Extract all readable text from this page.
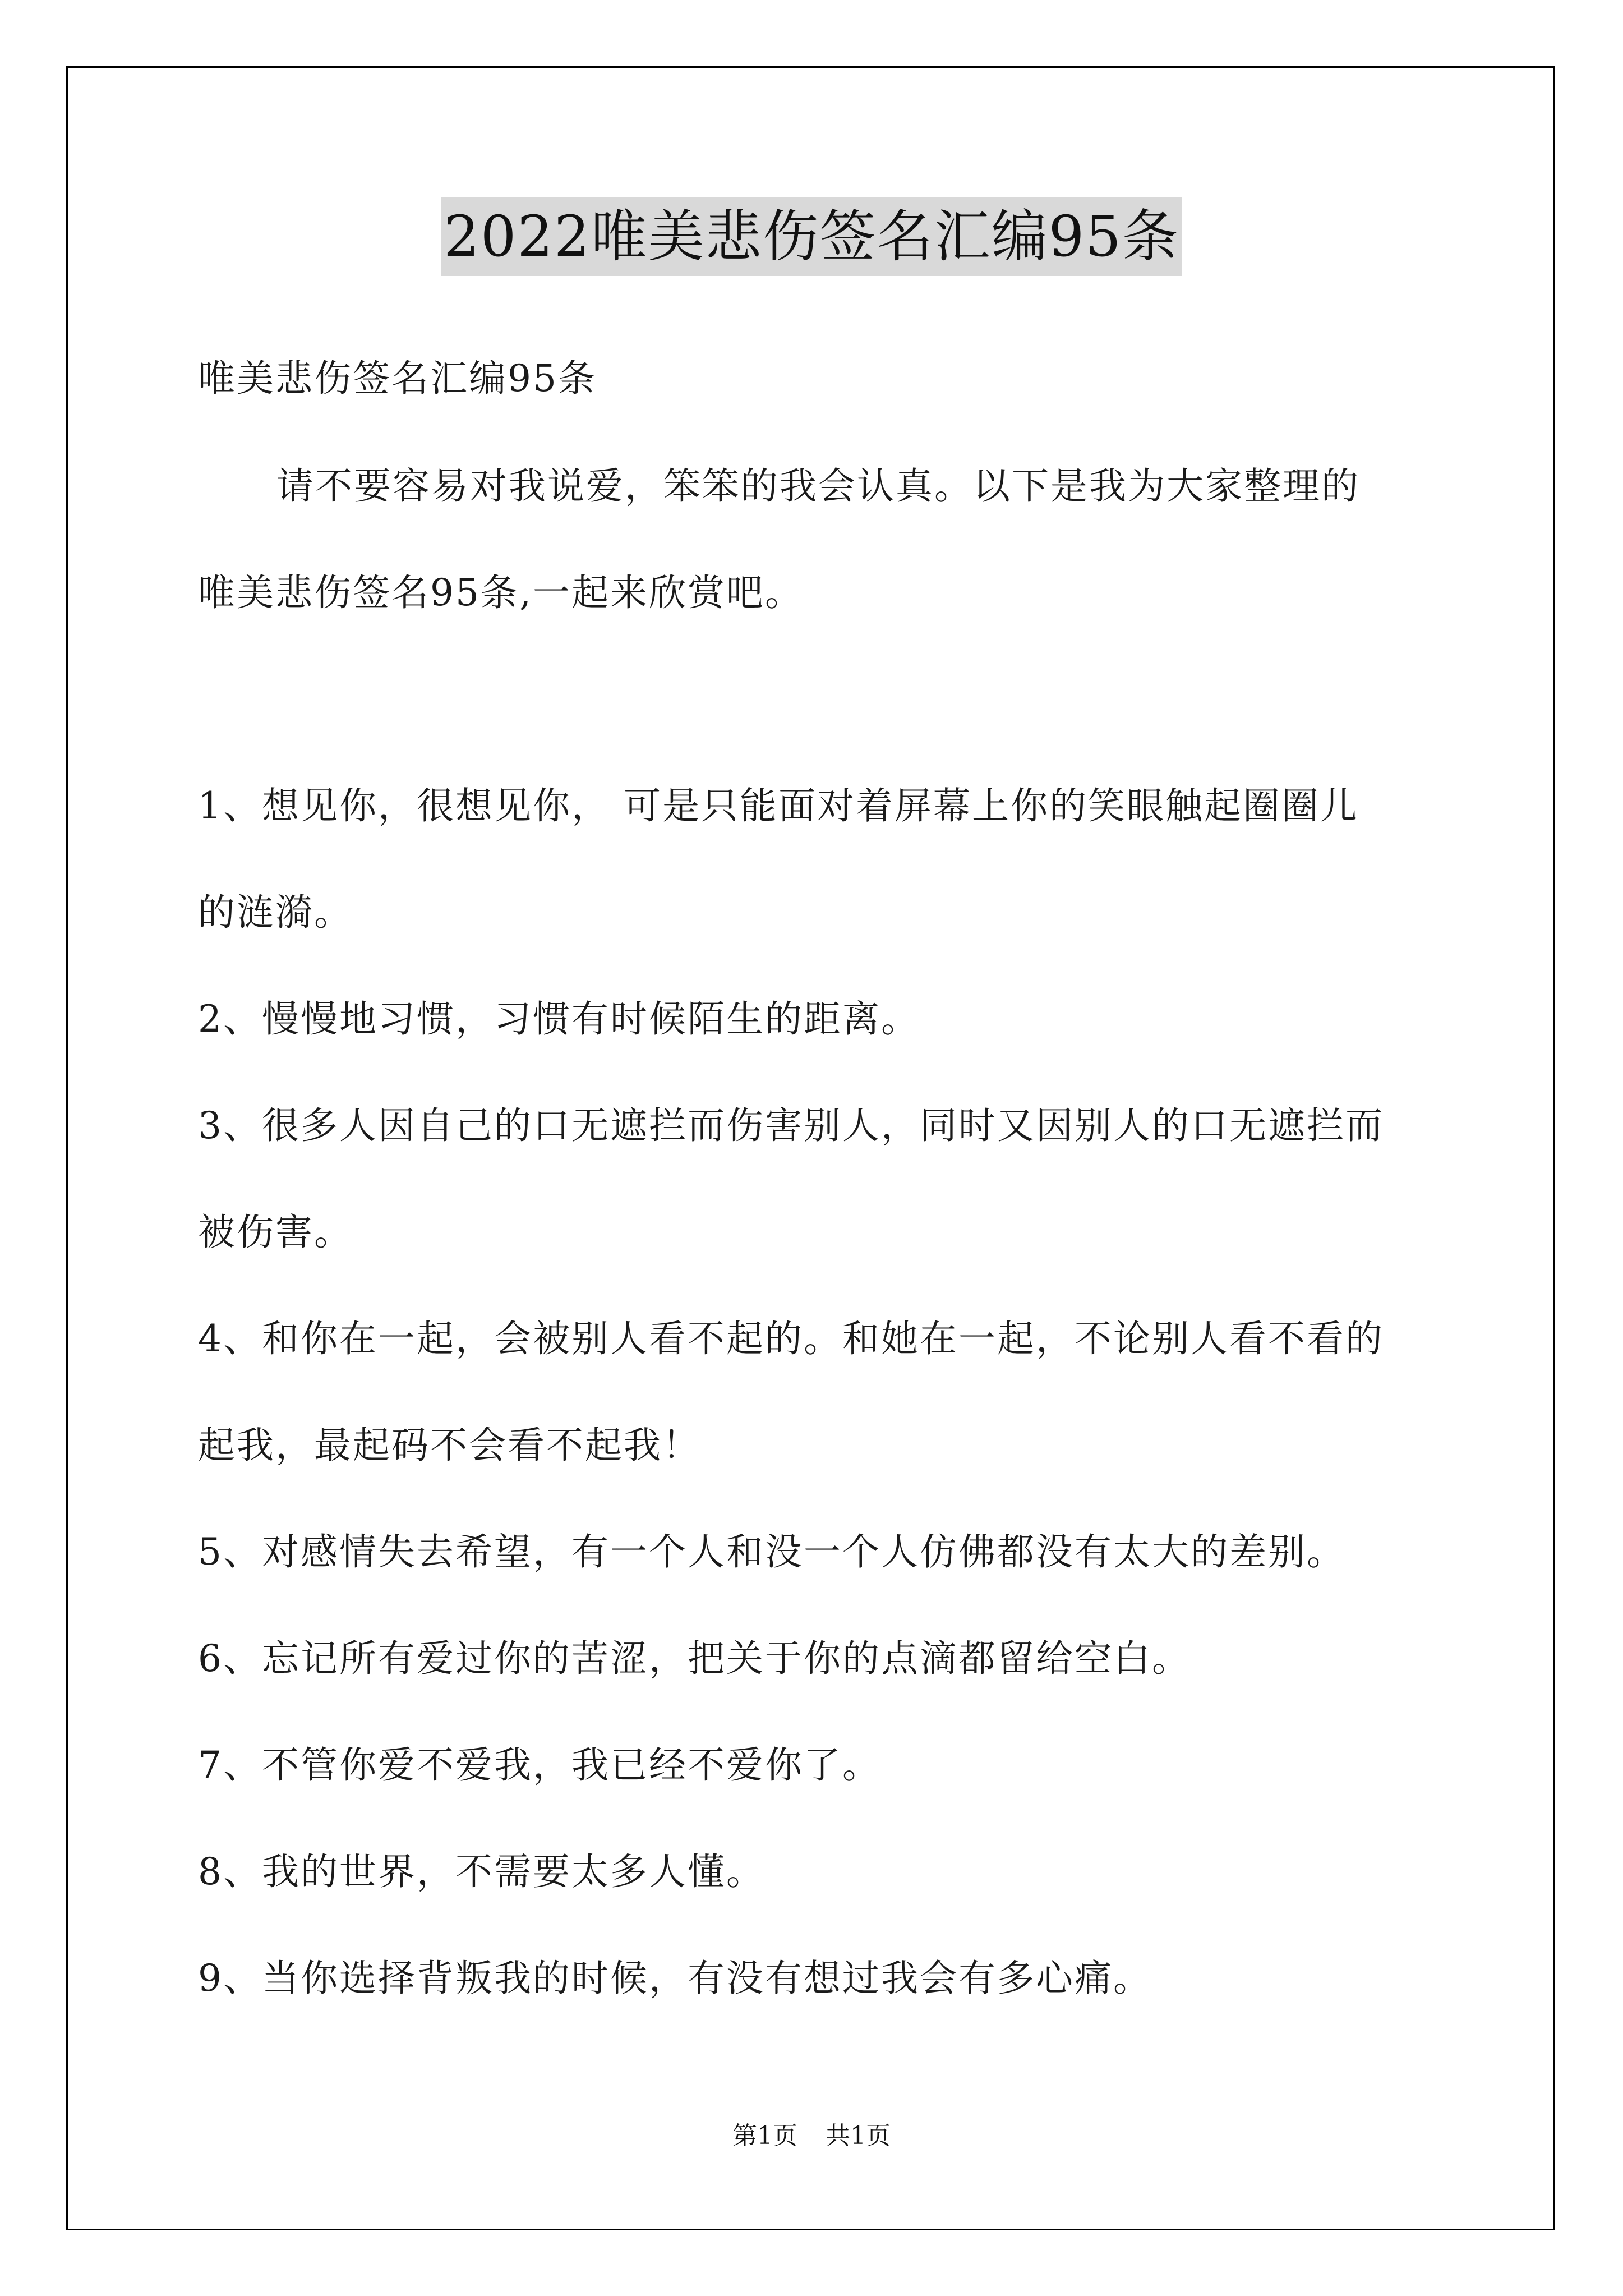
2022唯美悲伤签名汇编95条
唯美悲伤签名汇编95条
请不要容易对我说爱，笨笨的我会认真。以下是我为大家整理的
唯美悲伤签名95条,一起来欣赏吧。
1、想见你，很想见你， 可是只能面对着屏幕上你的笑眼触起圈圈儿
的涟漪。
2、慢慢地习惯，习惯有时候陌生的距离。
3、很多人因自己的口无遮拦而伤害别人，同时又因别人的口无遮拦而
被伤害。
4、和你在一起，会被别人看不起的。和她在一起，不论别人看不看的
起我，最起码不会看不起我！
5、对感情失去希望，有一个人和没一个人仿佛都没有太大的差别。
6、忘记所有爱过你的苦涩，把关于你的点滴都留给空白。
7、不管你爱不爱我，我已经不爱你了。
8、我的世界，不需要太多人懂。
9、当你选择背叛我的时候，有没有想过我会有多心痛。
第1页 共1页
